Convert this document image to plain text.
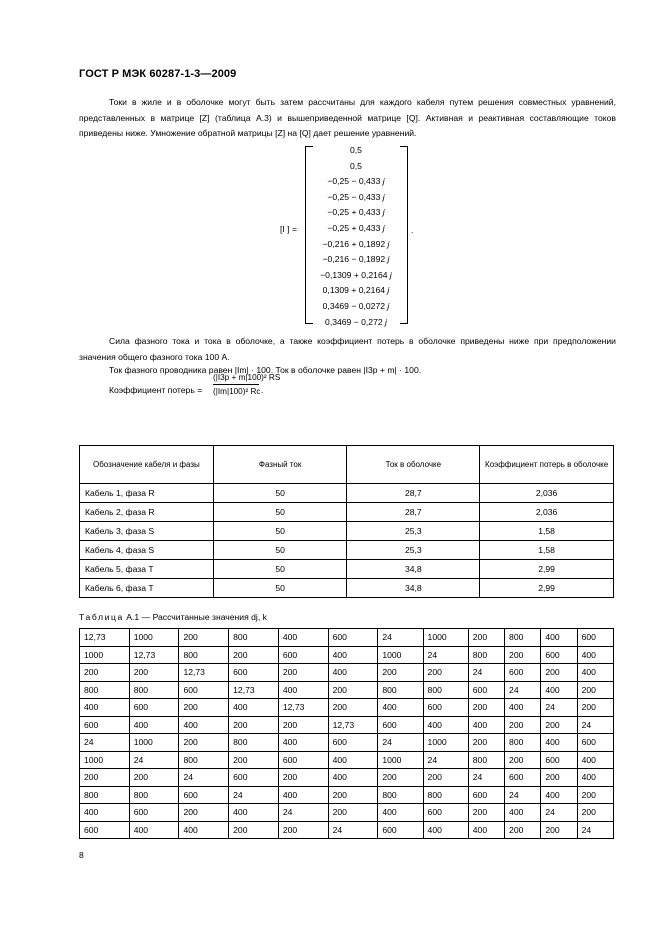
ГОСТ Р МЭК 60287-1-3—2009
Токи в жиле и в оболочке могут быть затем рассчитаны для каждого кабеля путем решения совместных уравнений, представленных в матрице [Z] (таблица А.3) и вышеприведенной матрице [Q]. Активная и реактивная составляющие токов приведены ниже. Умножение обратной матрицы [Z] на [Q] дает решение уравнений.
[I ] =
0,5
0,5
−0,25 − 0,433 j
−0,25 − 0,433 j
−0,25 + 0,433 j
−0,25 + 0,433 j
−0,216 + 0,1892 j
−0,216 − 0,1892 j
−0,1309 + 0,2164 j
0,1309 + 0,2164 j
0,3469 − 0,0272 j
0,3469 − 0,272 j
.
Сила фазного тока и тока в оболочке, а также коэффициент потерь в оболочке приведены ниже при предположении значения общего фазного тока 100 А.
Ток фазного проводника равен |Im| · 100. Ток в оболочке равен |I3p + m| · 100.
Коэффициент потерь =
(|I3p + m|100)² RS
(|Im|100)² Rc .
Обозначение кабеля и фазы	Фазный ток	Ток в оболочке	Коэффициент потерь в оболочке
Кабель 1, фаза R	50	28,7	2,036
Кабель 2, фаза R	50	28,7	2,036
Кабель 3, фаза S	50	25,3	1,58
Кабель 4, фаза S	50	25,3	1,58
Кабель 5, фаза T	50	34,8	2,99
Кабель 6, фаза T	50	34,8	2,99
Таблица А.1 — Рассчитанные значения dj, k
12,73	1000	200	800	400	600	24	1000	200	800	400	600
1000	12,73	800	200	600	400	1000	24	800	200	600	400
200	200	12,73	600	200	400	200	200	24	600	200	400
800	800	600	12,73	400	200	800	800	600	24	400	200
400	600	200	400	12,73	200	400	600	200	400	24	200
600	400	400	200	200	12,73	600	400	400	200	200	24
24	1000	200	800	400	600	24	1000	200	800	400	600
1000	24	800	200	600	400	1000	24	800	200	600	400
200	200	24	600	200	400	200	200	24	600	200	400
800	800	600	24	400	200	800	800	600	24	400	200
400	600	200	400	24	200	400	600	200	400	24	200
600	400	400	200	200	24	600	400	400	200	200	24
8
